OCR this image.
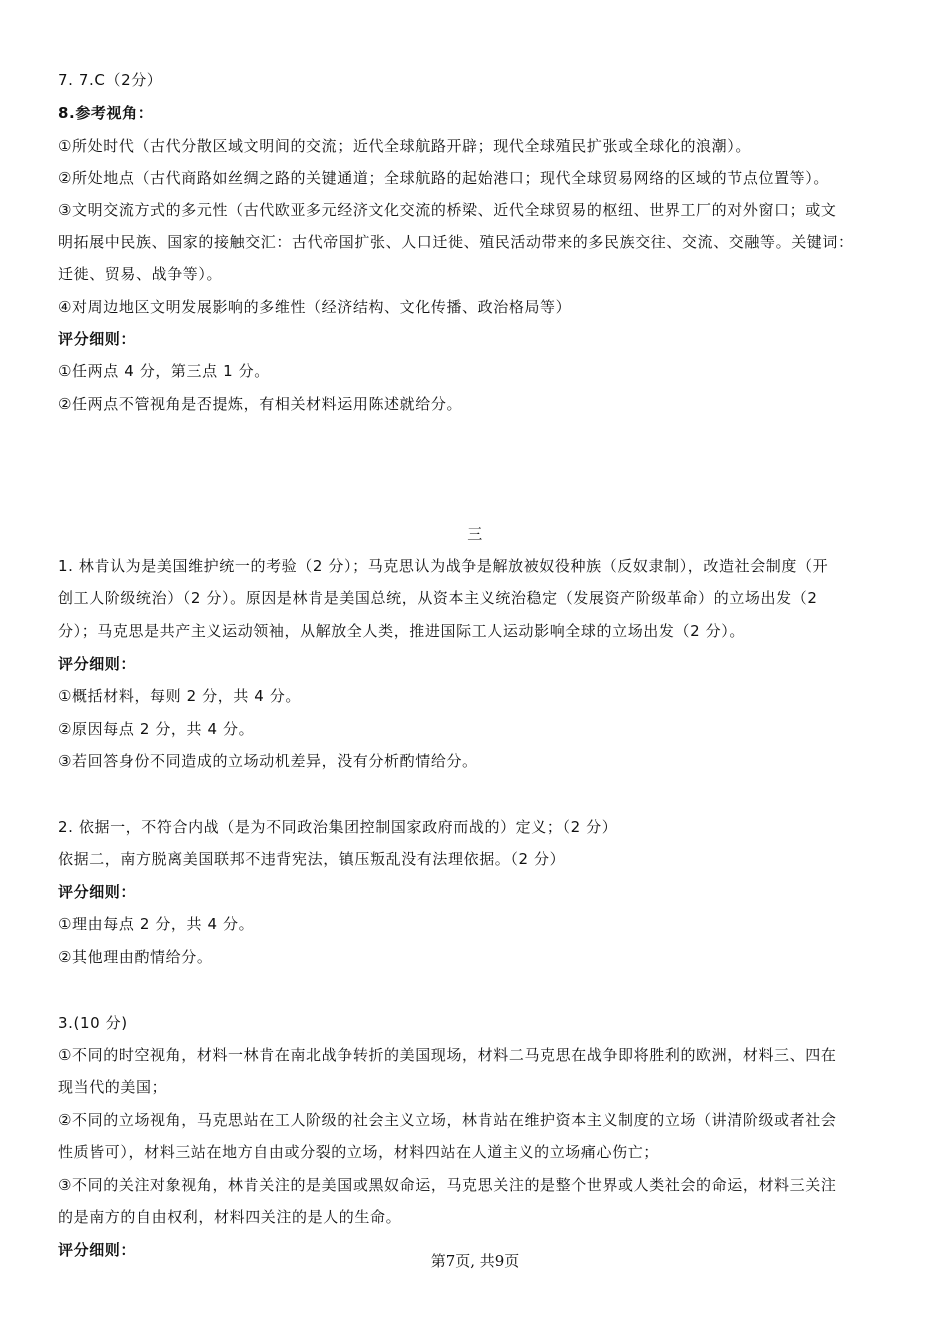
7. 7.C（2分）
8.参考视角：
①所处时代（古代分散区域文明间的交流；近代全球航路开辟；现代全球殖民扩张或全球化的浪潮）。
②所处地点（古代商路如丝绸之路的关键通道；全球航路的起始港口；现代全球贸易网络的区域的节点位置等）。
③文明交流方式的多元性（古代欧亚多元经济文化交流的桥梁、近代全球贸易的枢纽、世界工厂的对外窗口；或文
明拓展中民族、国家的接触交汇：古代帝国扩张、人口迁徙、殖民活动带来的多民族交往、交流、交融等。关键词：
迁徙、贸易、战争等）。
④对周边地区文明发展影响的多维性（经济结构、文化传播、政治格局等）
评分细则：
①任两点 4 分，第三点 1 分。
②任两点不管视角是否提炼，有相关材料运用陈述就给分。
三
1. 林肯认为是美国维护统一的考验（2 分）；马克思认为战争是解放被奴役种族（反奴隶制），改造社会制度（开
创工人阶级统治）（2 分）。原因是林肯是美国总统，从资本主义统治稳定（发展资产阶级革命）的立场出发（2
分）；马克思是共产主义运动领袖，从解放全人类，推进国际工人运动影响全球的立场出发（2 分）。
评分细则：
①概括材料，每则 2 分，共 4 分。
②原因每点 2 分，共 4 分。
③若回答身份不同造成的立场动机差异，没有分析酌情给分。
2. 依据一，不符合内战（是为不同政治集团控制国家政府而战的）定义；（2 分）
依据二，南方脱离美国联邦不违背宪法，镇压叛乱没有法理依据。（2 分）
评分细则：
①理由每点 2 分，共 4 分。
②其他理由酌情给分。
3.(10 分)
①不同的时空视角，材料一林肯在南北战争转折的美国现场，材料二马克思在战争即将胜利的欧洲，材料三、四在
现当代的美国；
②不同的立场视角，马克思站在工人阶级的社会主义立场，林肯站在维护资本主义制度的立场（讲清阶级或者社会
性质皆可），材料三站在地方自由或分裂的立场，材料四站在人道主义的立场痛心伤亡；
③不同的关注对象视角，林肯关注的是美国或黑奴命运，马克思关注的是整个世界或人类社会的命运，材料三关注
的是南方的自由权利，材料四关注的是人的生命。
评分细则：
第7页, 共9页
